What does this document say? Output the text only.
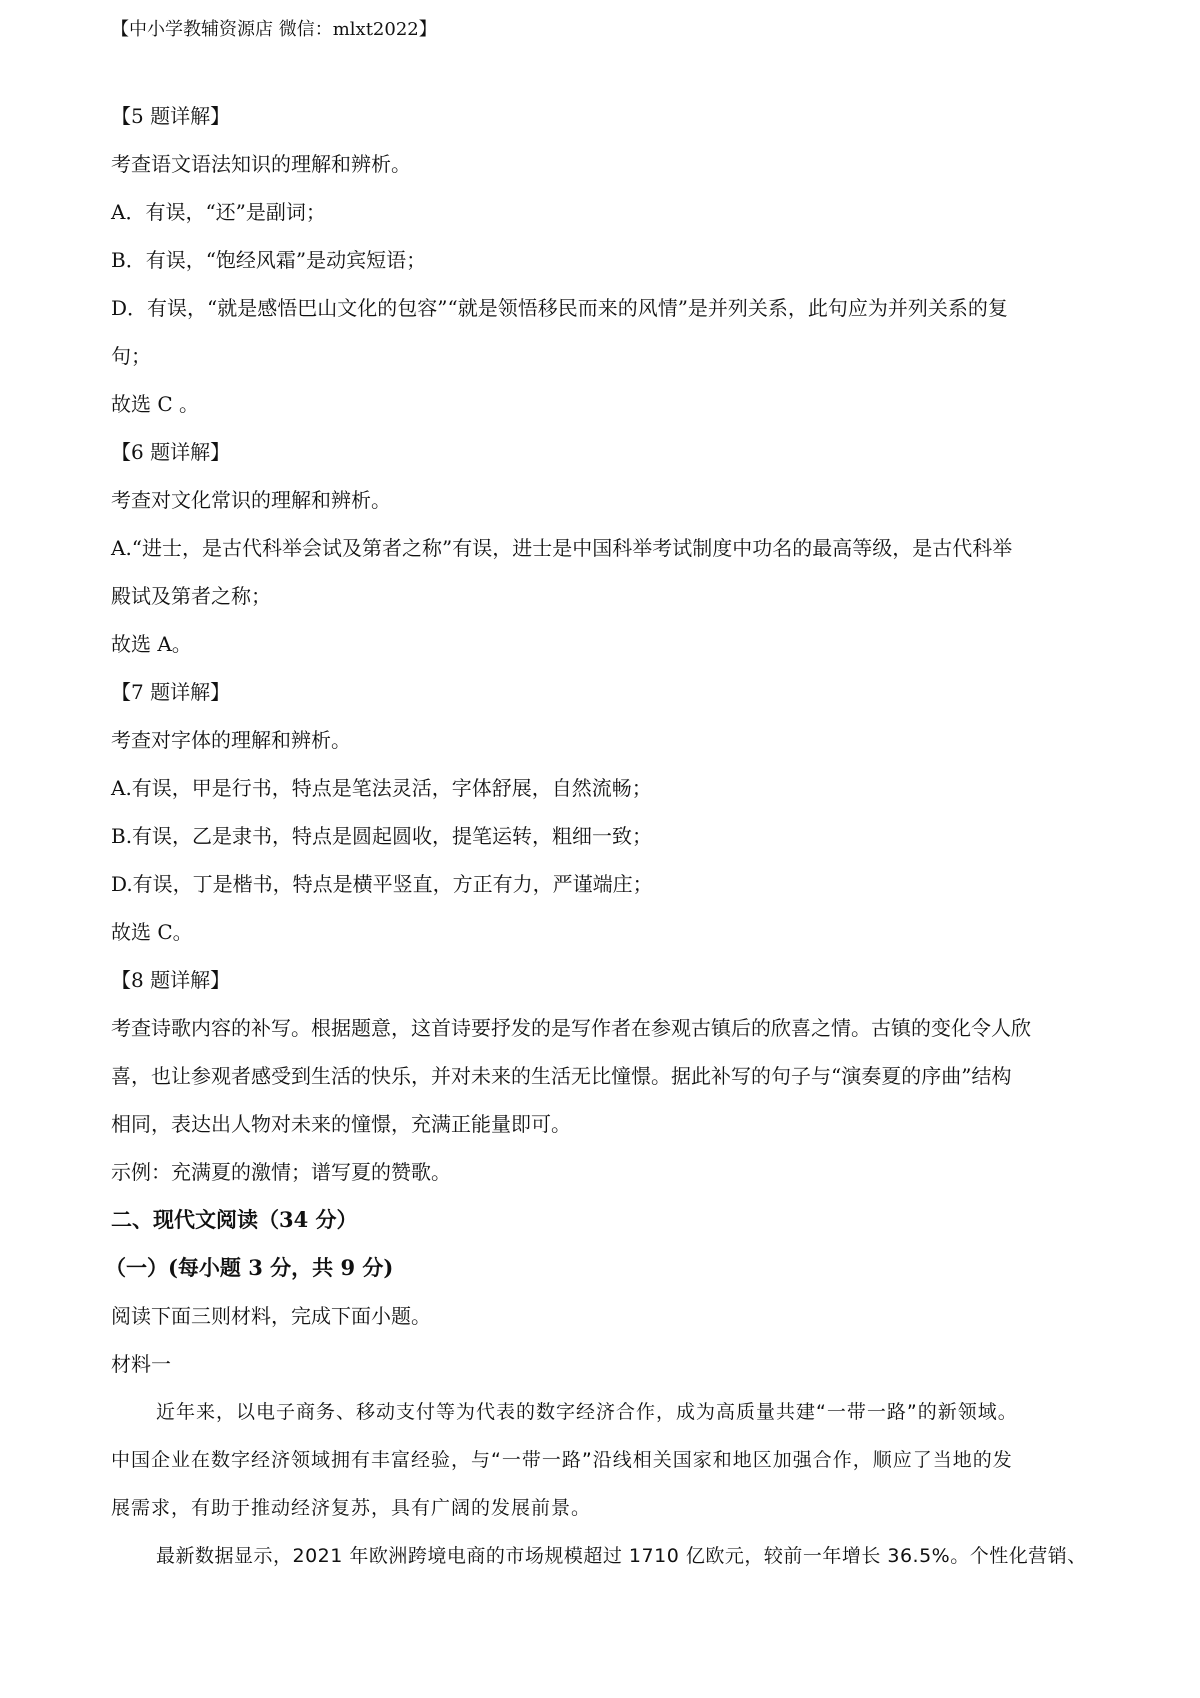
【中小学教辅资源店 微信：mlxt2022】
【5 题详解】
考查语文语法知识的理解和辨析。
A．有误，“还”是副词；
B．有误，“饱经风霜”是动宾短语；
D．有误，“就是感悟巴山文化的包容”“就是领悟移民而来的风情”是并列关系，此句应为并列关系的复
句；
故选 C 。
【6 题详解】
考查对文化常识的理解和辨析。
A.“进士，是古代科举会试及第者之称”有误，进士是中国科举考试制度中功名的最高等级，是古代科举
殿试及第者之称；
故选 A。
【7 题详解】
考查对字体的理解和辨析。
A.有误，甲是行书，特点是笔法灵活，字体舒展，自然流畅；
B.有误，乙是隶书，特点是圆起圆收，提笔运转，粗细一致；
D.有误，丁是楷书，特点是横平竖直，方正有力，严谨端庄；
故选 C。
【8 题详解】
考查诗歌内容的补写。根据题意，这首诗要抒发的是写作者在参观古镇后的欣喜之情。古镇的变化令人欣
喜，也让参观者感受到生活的快乐，并对未来的生活无比憧憬。据此补写的句子与“演奏夏的序曲”结构
相同，表达出人物对未来的憧憬，充满正能量即可。
示例：充满夏的激情；谱写夏的赞歌。
二、现代文阅读（34 分）
（一）(每小题 3 分，共 9 分)
阅读下面三则材料，完成下面小题。
材料一
近年来，以电子商务、移动支付等为代表的数字经济合作，成为高质量共建“一带一路”的新领域。
中国企业在数字经济领域拥有丰富经验，与“一带一路”沿线相关国家和地区加强合作，顺应了当地的发
展需求，有助于推动经济复苏，具有广阔的发展前景。
最新数据显示，2021 年欧洲跨境电商的市场规模超过 1710 亿欧元，较前一年增长 36.5%。个性化营销、
